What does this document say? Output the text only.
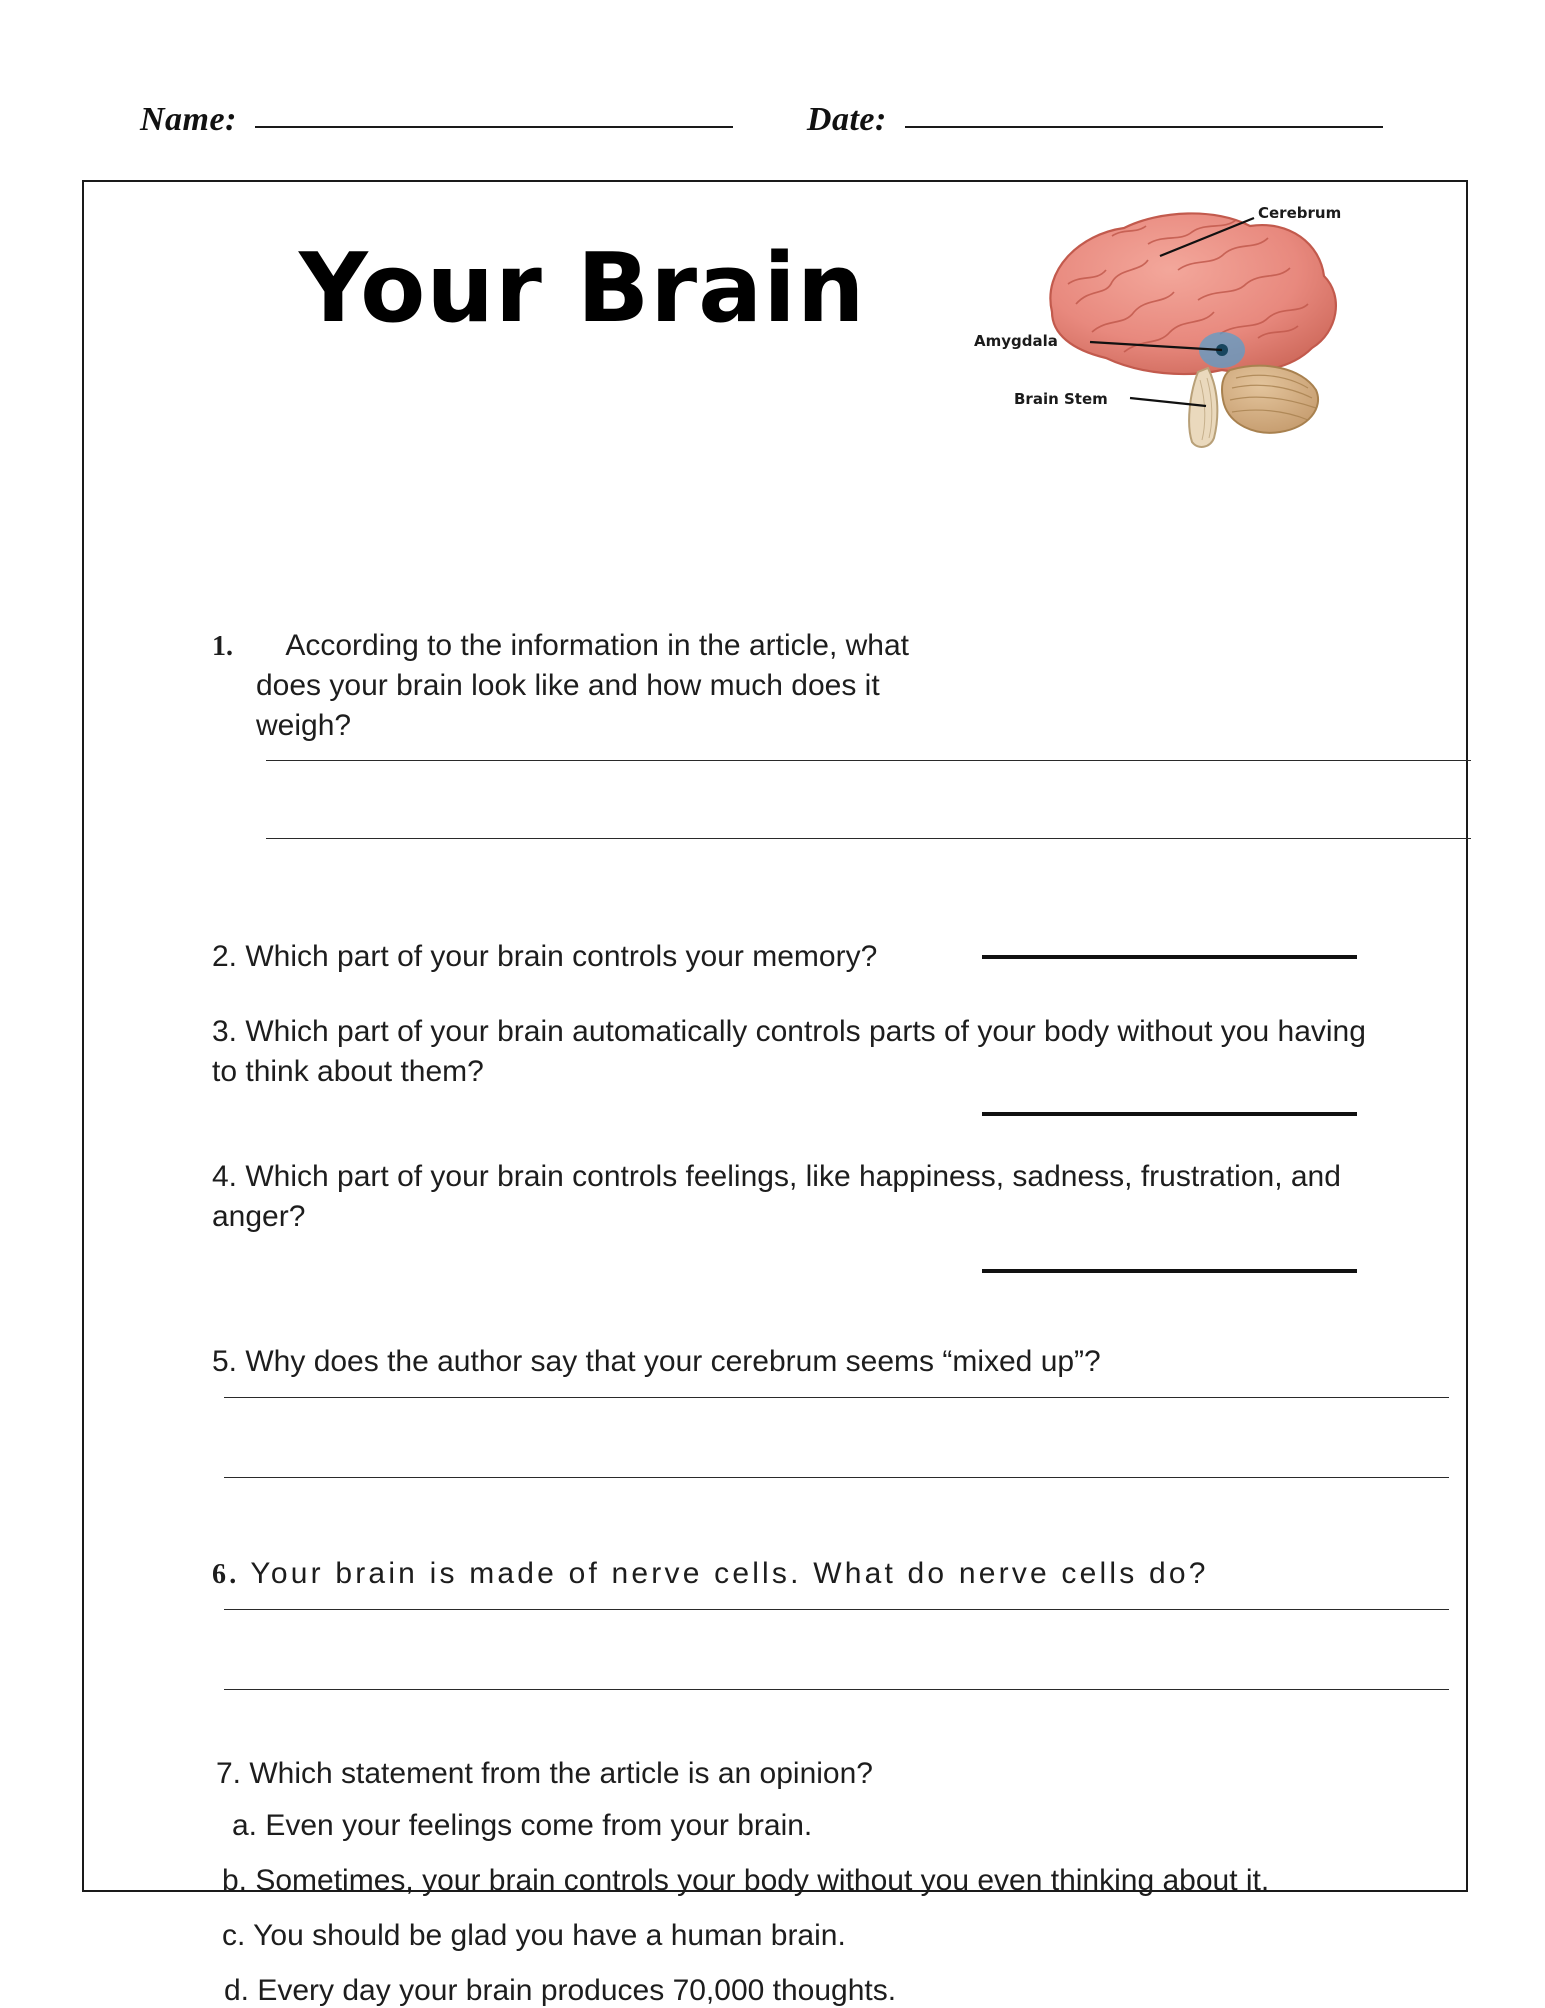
Name:	Date:
Your Brain
Cerebrum
Amygdala
Brain Stem
1. According to the information in the article, what
does your brain look like and how much does it weigh?
2. Which part of your brain controls your memory?
3. Which part of your brain automatically controls parts of your body without you having to think about them?
4. Which part of your brain controls feelings, like happiness, sadness, frustration, and anger?
5. Why does the author say that your cerebrum seems “mixed up”?
6. Your brain is made of nerve cells. What do nerve cells do?
7. Which statement from the article is an opinion?
a. Even your feelings come from your brain.
b. Sometimes, your brain controls your body without you even thinking about it.
c. You should be glad you have a human brain.
d. Every day your brain produces 70,000 thoughts.
